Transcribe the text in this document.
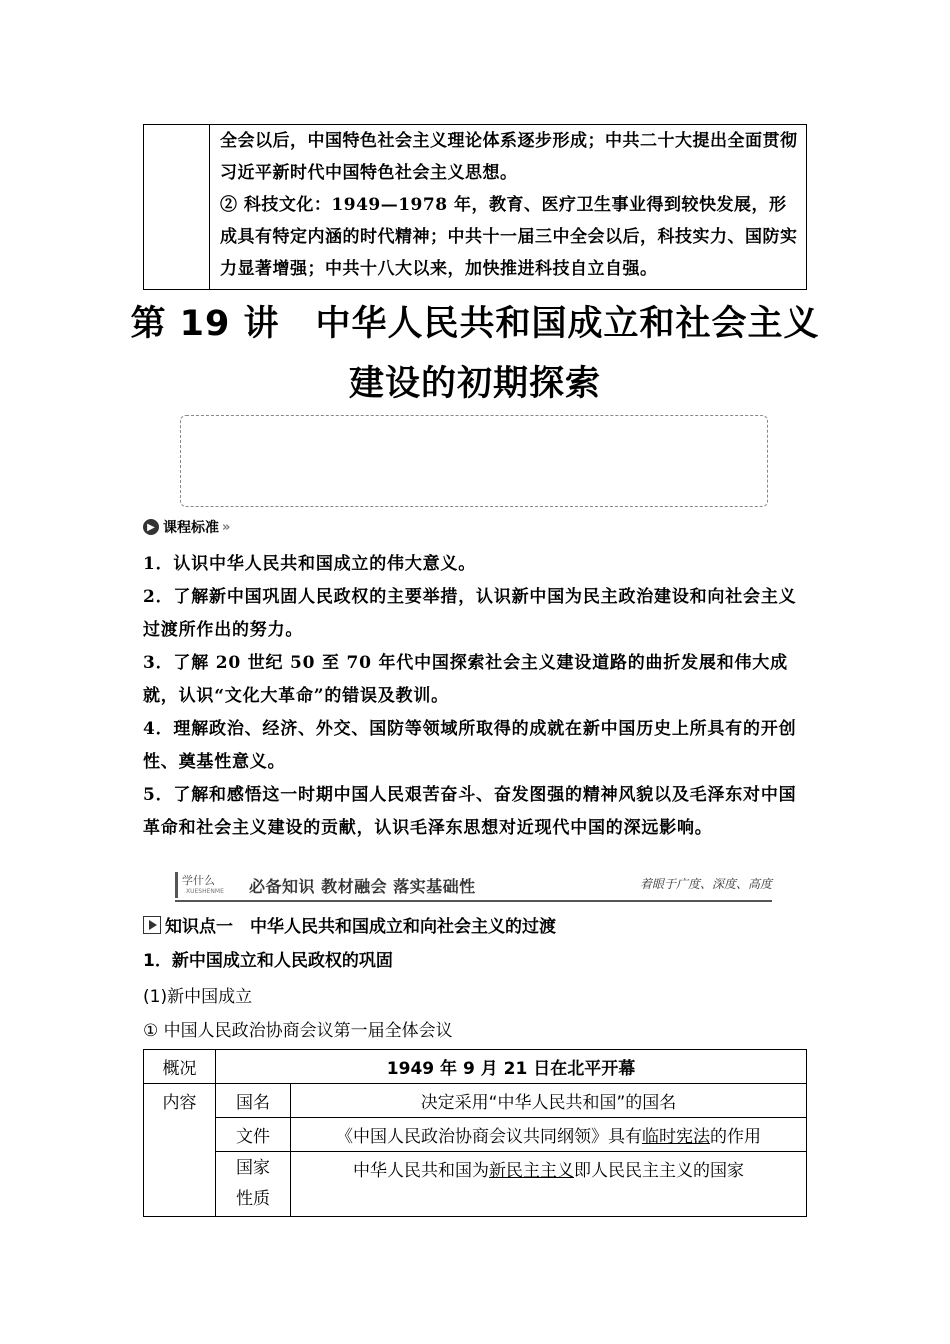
全会以后，中国特色社会主义理论体系逐步形成；中共二十大提出全面贯彻习近平新时代中国特色社会主义思想。

② 科技文化：1949—1978 年，教育、医疗卫生事业得到较快发展，形成具有特定内涵的时代精神；中共十一届三中全会以后，科技实力、国防实力显著增强；中共十八大以来，加快推进科技自立自强。

第 19 讲　中华人民共和国成立和社会主义
建设的初期探索
▶ 课程标准 »

1．认识中华人民共和国成立的伟大意义。

2．了解新中国巩固人民政权的主要举措，认识新中国为民主政治建设和向社会主义过渡所作出的努力。

3．了解 20 世纪 50 至 70 年代中国探索社会主义建设道路的曲折发展和伟大成就，认识“文化大革命”的错误及教训。

4．理解政治、经济、外交、国防等领域所取得的成就在新中国历史上所具有的开创性、奠基性意义。

5．了解和感悟这一时期中国人民艰苦奋斗、奋发图强的精神风貌以及毛泽东对中国革命和社会主义建设的贡献，认识毛泽东思想对近现代中国的深远影响。

学什么
XUESHENME 必备知识 教材融会 落实基础性	着眼于广度、深度、高度
知识点一　中华人民共和国成立和向社会主义的过渡
1．新中国成立和人民政权的巩固
(1)新中国成立
① 中国人民政治协商会议第一届全体会议
概况	1949 年 9 月 21 日在北平开幕	
内容	国名	决定采用“中华人民共和国”的国名
	文件	《中国人民政治协商会议共同纲领》具有临时宪法的作用
	国家
性质	中华人民共和国为新民主主义即人民民主主义的国家
